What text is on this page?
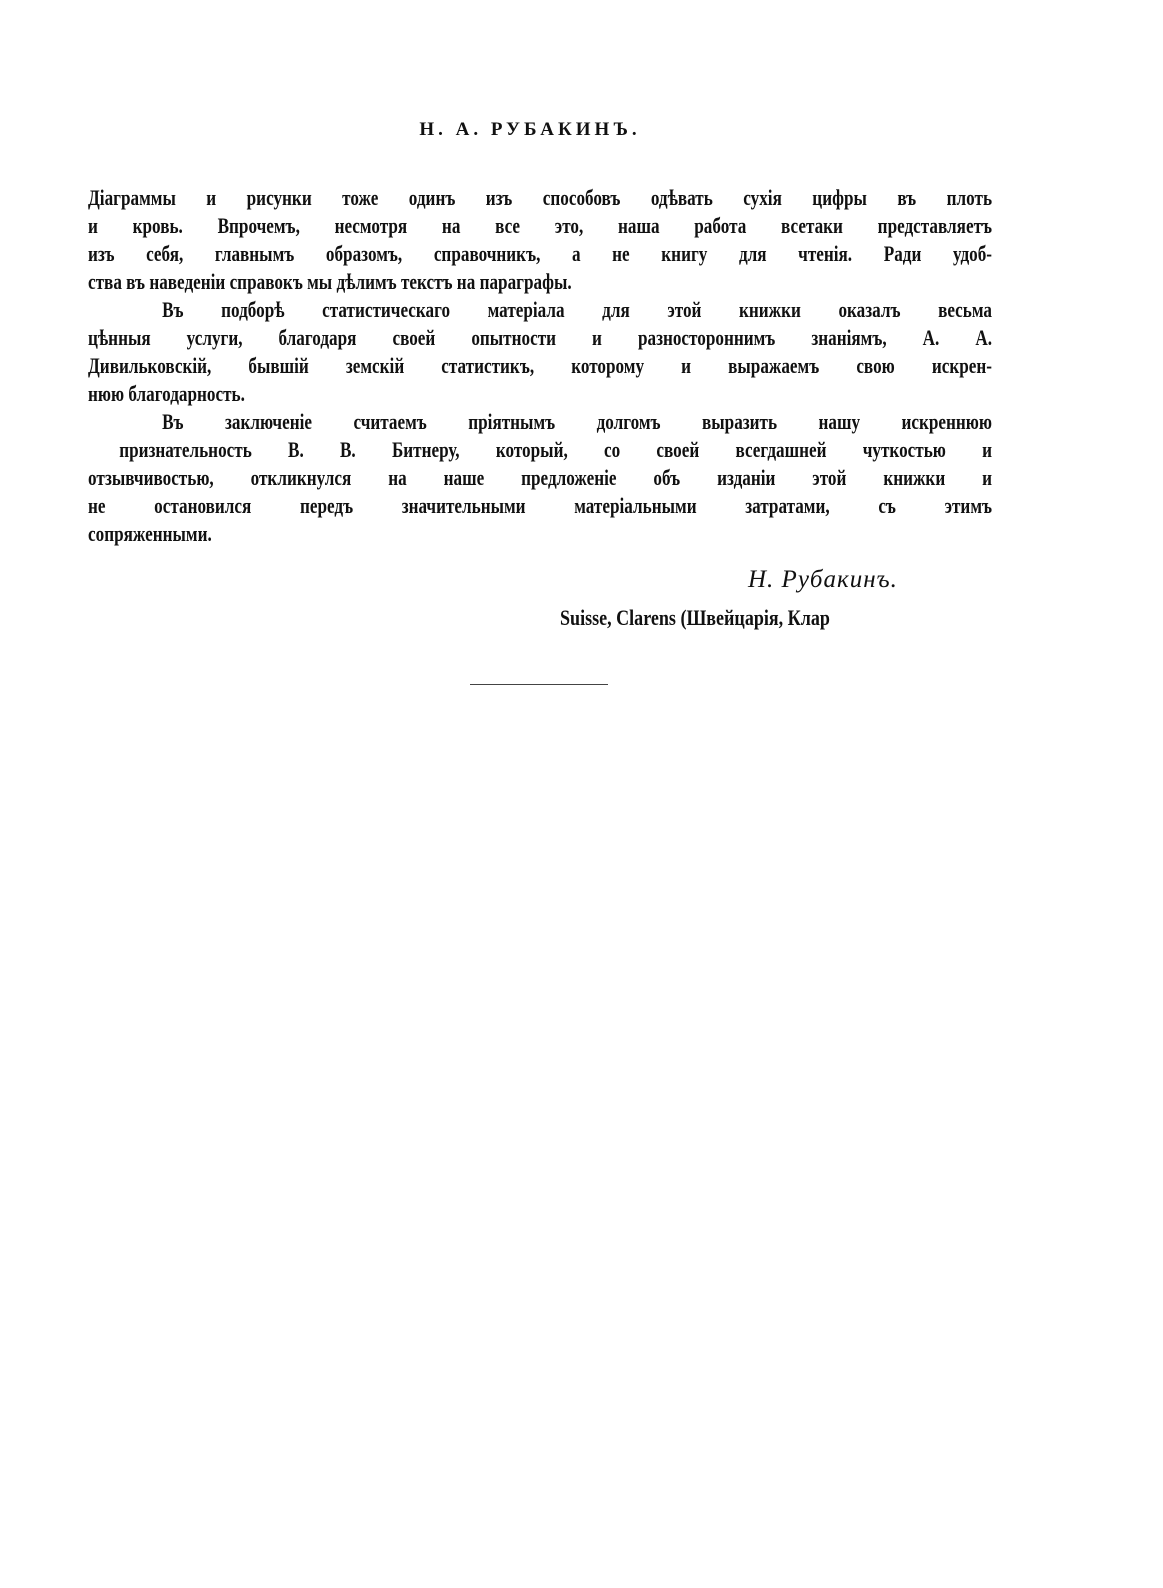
Н. А. РУБАКИНЪ.
Діаграммы и рисунки тоже одинъ изъ способовъ одѣвать сухія цифры въ плоть
и кровь. Впрочемъ, несмотря на все это, наша работа всетаки представляетъ
изъ себя, главнымъ образомъ, справочникъ, а не книгу для чтенія. Ради удоб-
ства въ наведеніи справокъ мы дѣлимъ текстъ на параграфы.
Въ подборѣ статистическаго матеріала для этой книжки оказалъ весьма
цѣнныя услуги, благодаря своей опытности и разностороннимъ знаніямъ, А. А.
Дивильковскій, бывшій земскій статистикъ, которому и выражаемъ свою искрен-
нюю благодарность.
Въ заключеніе считаемъ пріятнымъ долгомъ выразить нашу искреннюю
признательность В. В. Битнеру, который, со своей всегдашней чуткостью и
отзывчивостью, откликнулся на наше предложеніе объ изданіи этой книжки и
не остановился передъ значительными матеріальными затратами, съ этимъ
сопряженными.
Н. Рубакинъ.
Suisse, Clarens (Швейцарія, Клар
